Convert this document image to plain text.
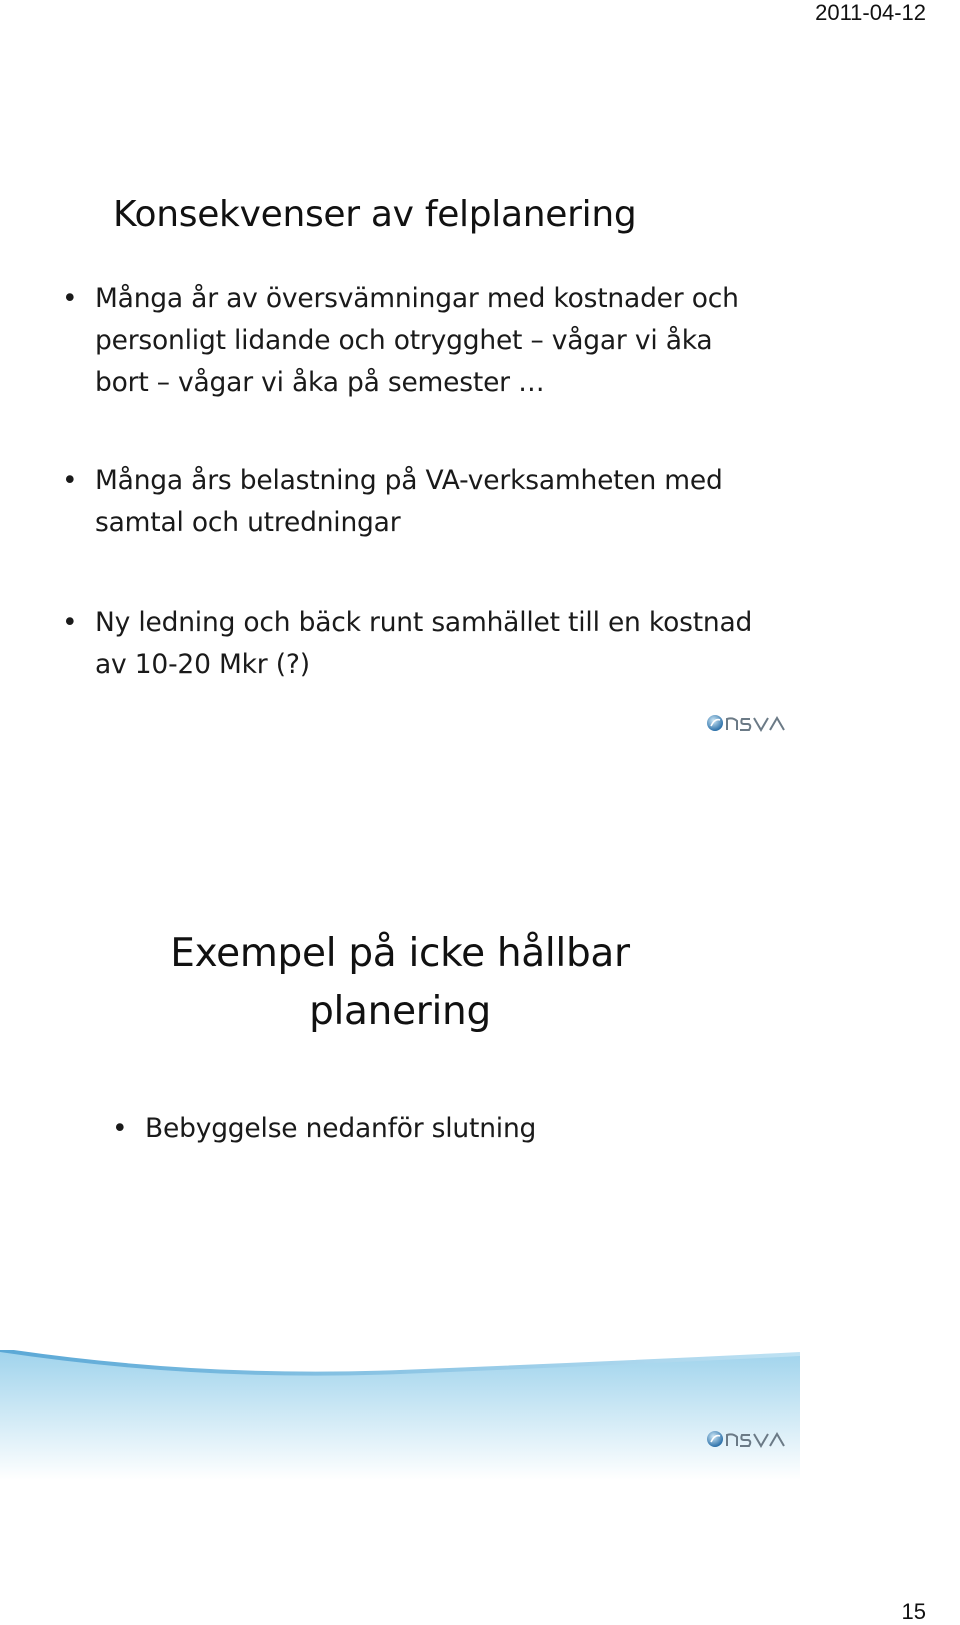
2011-04-12
Konsekvenser av felplanering
• Många år av översvämningar med kostnader och personligt lidande och otrygghet – vågar vi åka bort – vågar vi åka på semester …
• Många års belastning på VA-verksamheten med samtal och utredningar
• Ny ledning och bäck runt samhället till en kostnad av 10-20 Mkr (?)
Exempel på icke hållbar planering
• Bebyggelse nedanför slutning
15
